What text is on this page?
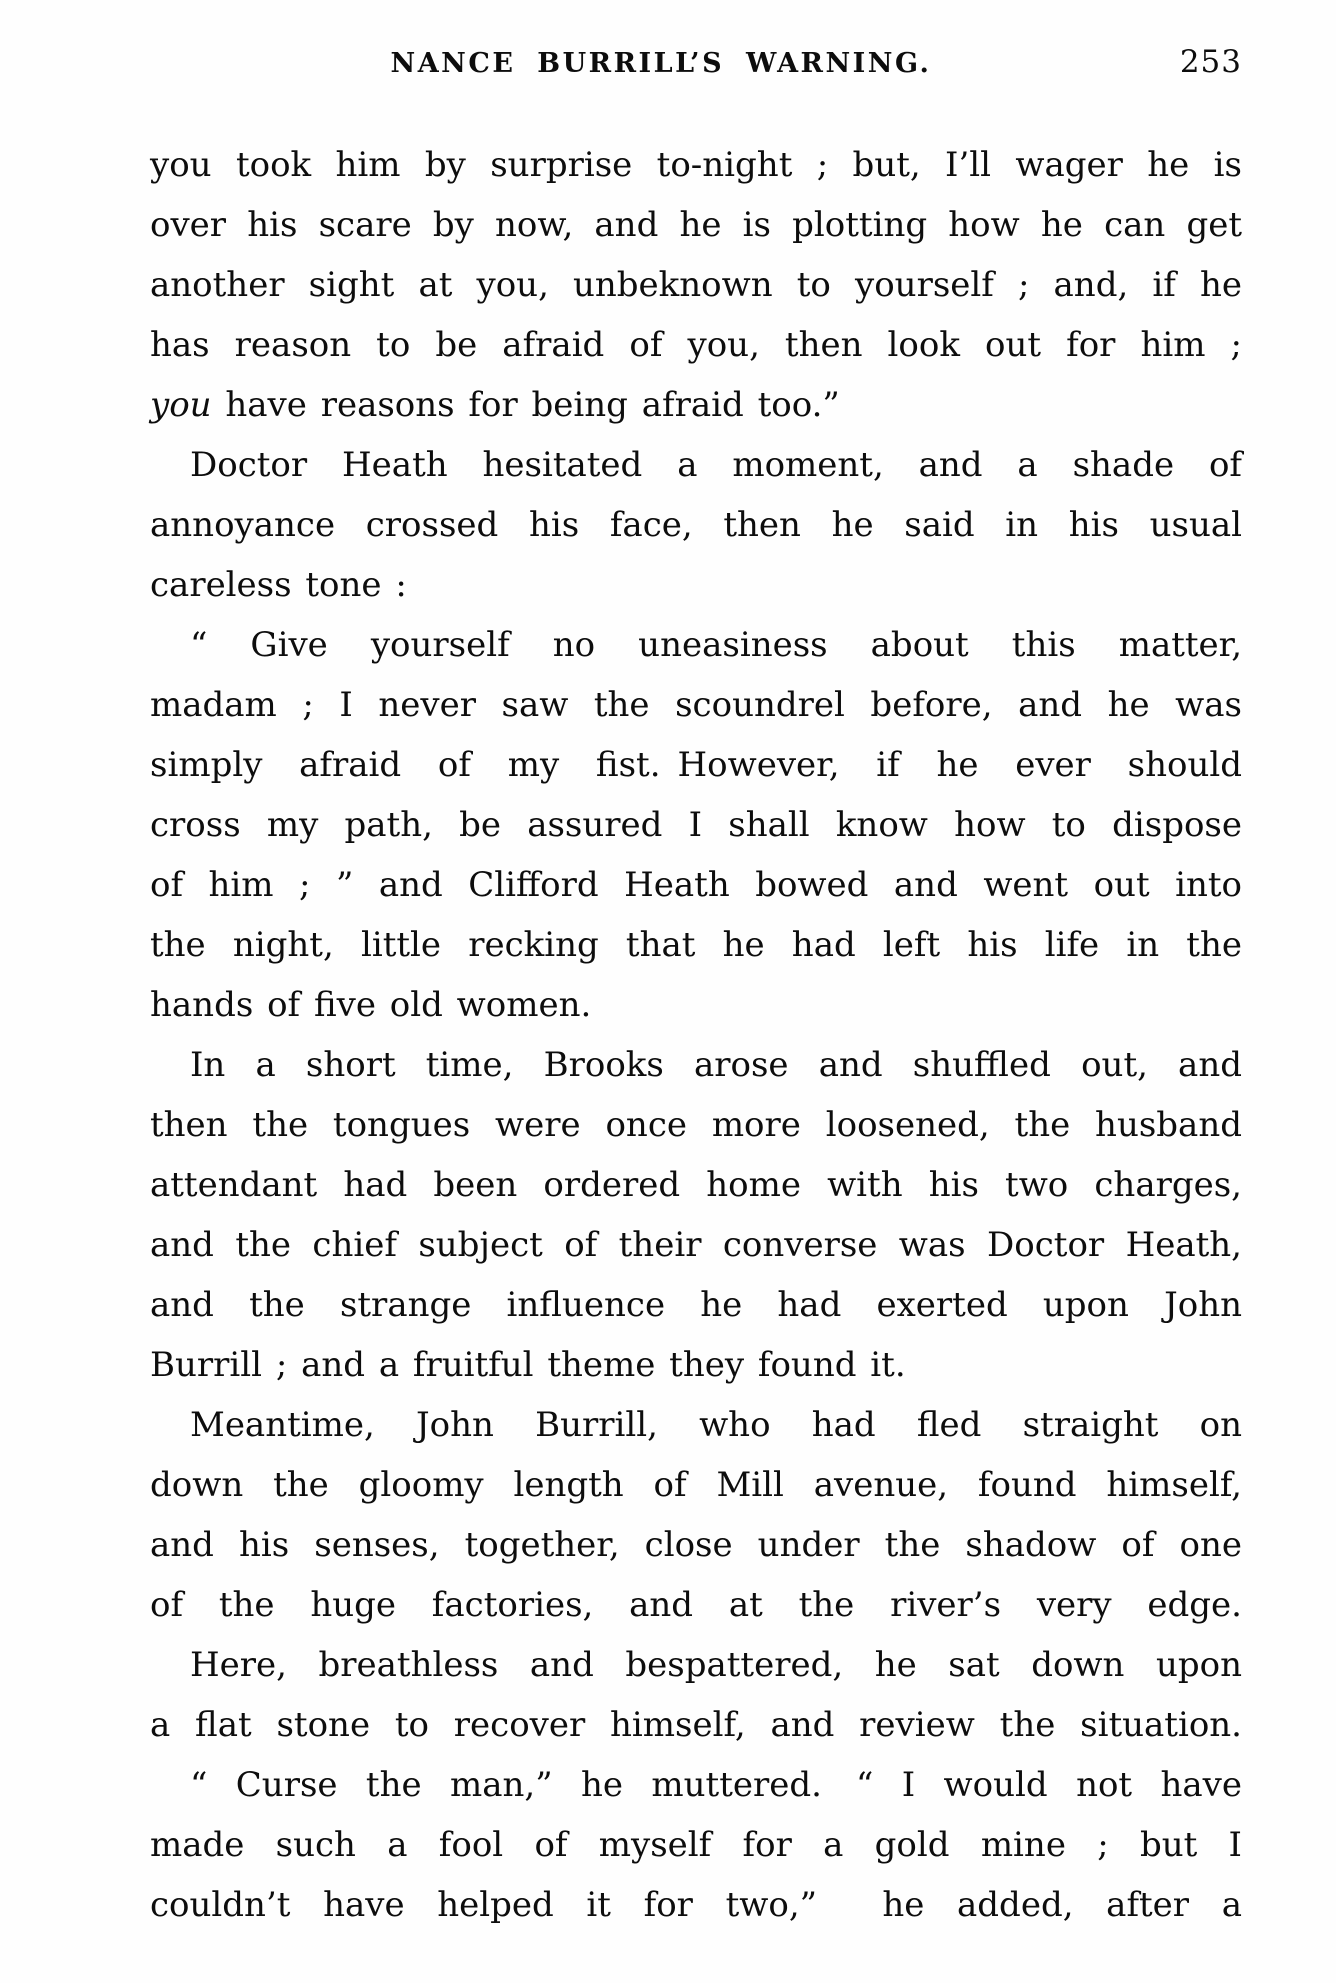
NANCE BURRILL’S WARNING.	253
you took him by surprise to-night ; but, I’ll wager he is
over his scare by now, and he is plotting how he can get
another sight at you, unbeknown to yourself ; and, if he
has reason to be afraid of you, then look out for him ;
you have reasons for being afraid too.”
Doctor Heath hesitated a moment, and a shade of
annoyance crossed his face, then he said in his usual
careless tone :
“ Give yourself no uneasiness about this matter,
madam ; I never saw the scoundrel before, and he was
simply afraid of my fist. However, if he ever should
cross my path, be assured I shall know how to dispose
of him ; ” and Clifford Heath bowed and went out into
the night, little recking that he had left his life in the
hands of five old women.
In a short time, Brooks arose and shuffled out, and
then the tongues were once more loosened, the husband
attendant had been ordered home with his two charges,
and the chief subject of their converse was Doctor Heath,
and the strange influence he had exerted upon John
Burrill ; and a fruitful theme they found it.
Meantime, John Burrill, who had fled straight on
down the gloomy length of Mill avenue, found himself,
and his senses, together, close under the shadow of one
of the huge factories, and at the river’s very edge.
Here, breathless and bespattered, he sat down upon
a flat stone to recover himself, and review the situation.
“ Curse the man,” he muttered. “ I would not have
made such a fool of myself for a gold mine ; but I
couldn’t have helped it for two,”  he added, after a
